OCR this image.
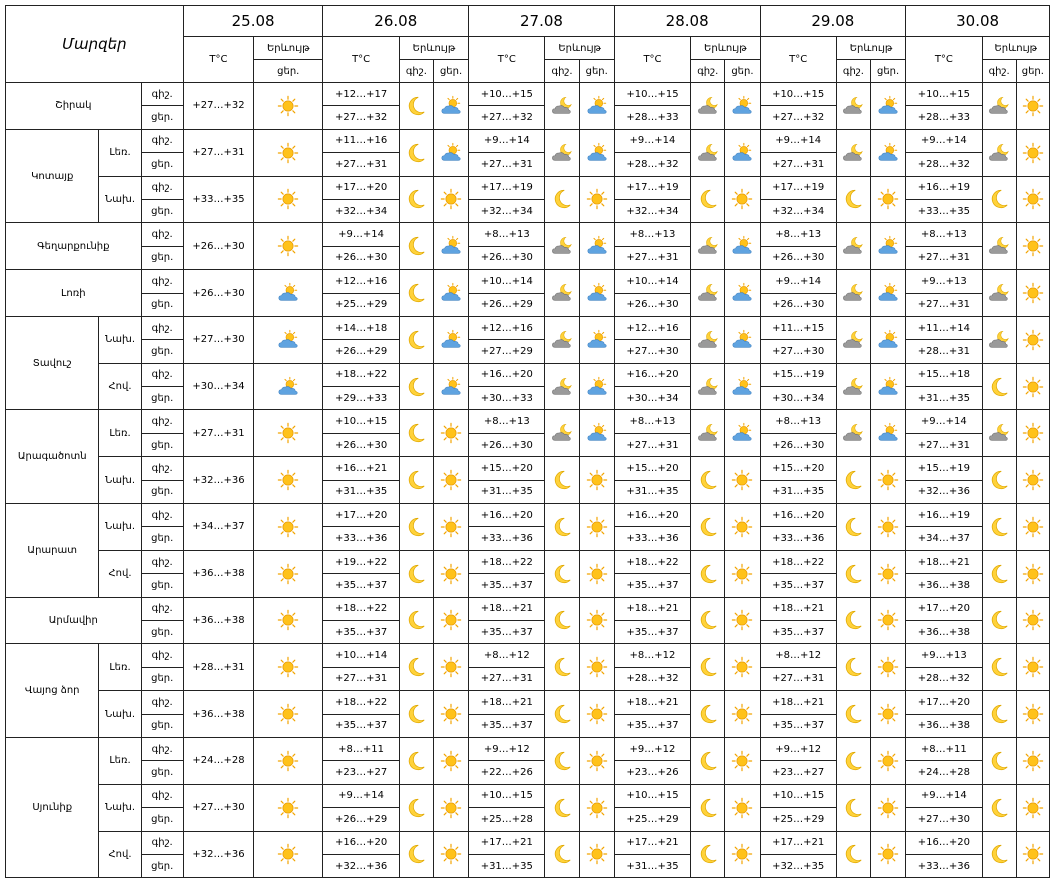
Մարզեր			25.08		26.08			27.08			28.08			29.08			30.08		
			T°C	Երևույթ	T°C	Երևույթ		T°C	Երևույթ		T°C	Երևույթ		T°C	Երևույթ		T°C	Երևույթ	
				ցեր.		գիշ.	ցեր.		գիշ.	ցեր.		գիշ.	ցեր.		գիշ.	ցեր.		գիշ.	ցեր.
Շիրակ		գիշ.	+27…+32		+12…+17			+10…+15			+10…+15			+10…+15			+10…+15	

		ցեր.			+27…+32			+27…+32			+28…+33			+27…+32			+28…+33		
Կոտայք	Լեռ.	գիշ.	+27…+31		+11…+16			+9…+14			+9…+14			+9…+14			+9…+14	

		ցեր.			+27…+31			+27…+31			+28…+32			+27…+31			+28…+32		
	Նախ.	գիշ.	+33…+35		+17…+20			+17…+19			+17…+19			+17…+19			+16…+19	

		ցեր.			+32…+34			+32…+34			+32…+34			+32…+34			+33…+35		
Գեղարքունիք		գիշ.	+26…+30		+9…+14			+8…+13			+8…+13			+8…+13			+8…+13	

		ցեր.			+26…+30			+26…+30			+27…+31			+26…+30			+27…+31		
Լոռի		գիշ.	+26…+30		+12…+16			+10…+14			+10…+14			+9…+14			+9…+13	

		ցեր.			+25…+29			+26…+29			+26…+30			+26…+30			+27…+31		
Տավուշ	Նախ.	գիշ.	+27…+30		+14…+18			+12…+16			+12…+16			+11…+15			+11…+14	

		ցեր.			+26…+29			+27…+29			+27…+30			+27…+30			+28…+31		
	Հով.	գիշ.	+30…+34		+18…+22			+16…+20			+16…+20			+15…+19			+15…+18	

		ցեր.			+29…+33			+30…+33			+30…+34			+30…+34			+31…+35		
Արագածոտն	Լեռ.	գիշ.	+27…+31		+10…+15			+8…+13			+8…+13			+8…+13			+9…+14	

		ցեր.			+26…+30			+26…+30			+27…+31			+26…+30			+27…+31		
	Նախ.	գիշ.	+32…+36		+16…+21			+15…+20			+15…+20			+15…+20			+15…+19	

		ցեր.			+31…+35			+31…+35			+31…+35			+31…+35			+32…+36		
Արարատ	Նախ.	գիշ.	+34…+37		+17…+20			+16…+20			+16…+20			+16…+20			+16…+19	

		ցեր.			+33…+36			+33…+36			+33…+36			+33…+36			+34…+37		
	Հով.	գիշ.	+36…+38		+19…+22			+18…+22			+18…+22			+18…+22			+18…+21	

		ցեր.			+35…+37			+35…+37			+35…+37			+35…+37			+36…+38		
Արմավիր		գիշ.	+36…+38		+18…+22			+18…+21			+18…+21			+18…+21			+17…+20	

		ցեր.			+35…+37			+35…+37			+35…+37			+35…+37			+36…+38		
Վայոց ձոր	Լեռ.	գիշ.	+28…+31		+10…+14			+8…+12			+8…+12			+8…+12			+9…+13	

		ցեր.			+27…+31			+27…+31			+28…+32			+27…+31			+28…+32		
	Նախ.	գիշ.	+36…+38		+18…+22			+18…+21			+18…+21			+18…+21			+17…+20	

		ցեր.			+35…+37			+35…+37			+35…+37			+35…+37			+36…+38		
Սյունիք	Լեռ.	գիշ.	+24…+28		+8…+11			+9…+12			+9…+12			+9…+12			+8…+11	

		ցեր.			+23…+27			+22…+26			+23…+26			+23…+27			+24…+28		
	Նախ.	գիշ.	+27…+30		+9…+14			+10…+15			+10…+15			+10…+15			+9…+14	

		ցեր.			+26…+29			+25…+28			+25…+29			+25…+29			+27…+30		
	Հով.	գիշ.	+32…+36		+16…+20			+17…+21			+17…+21			+17…+21			+16…+20	

		ցեր.			+32…+36			+31…+35			+31…+35			+32…+35			+33…+36		
